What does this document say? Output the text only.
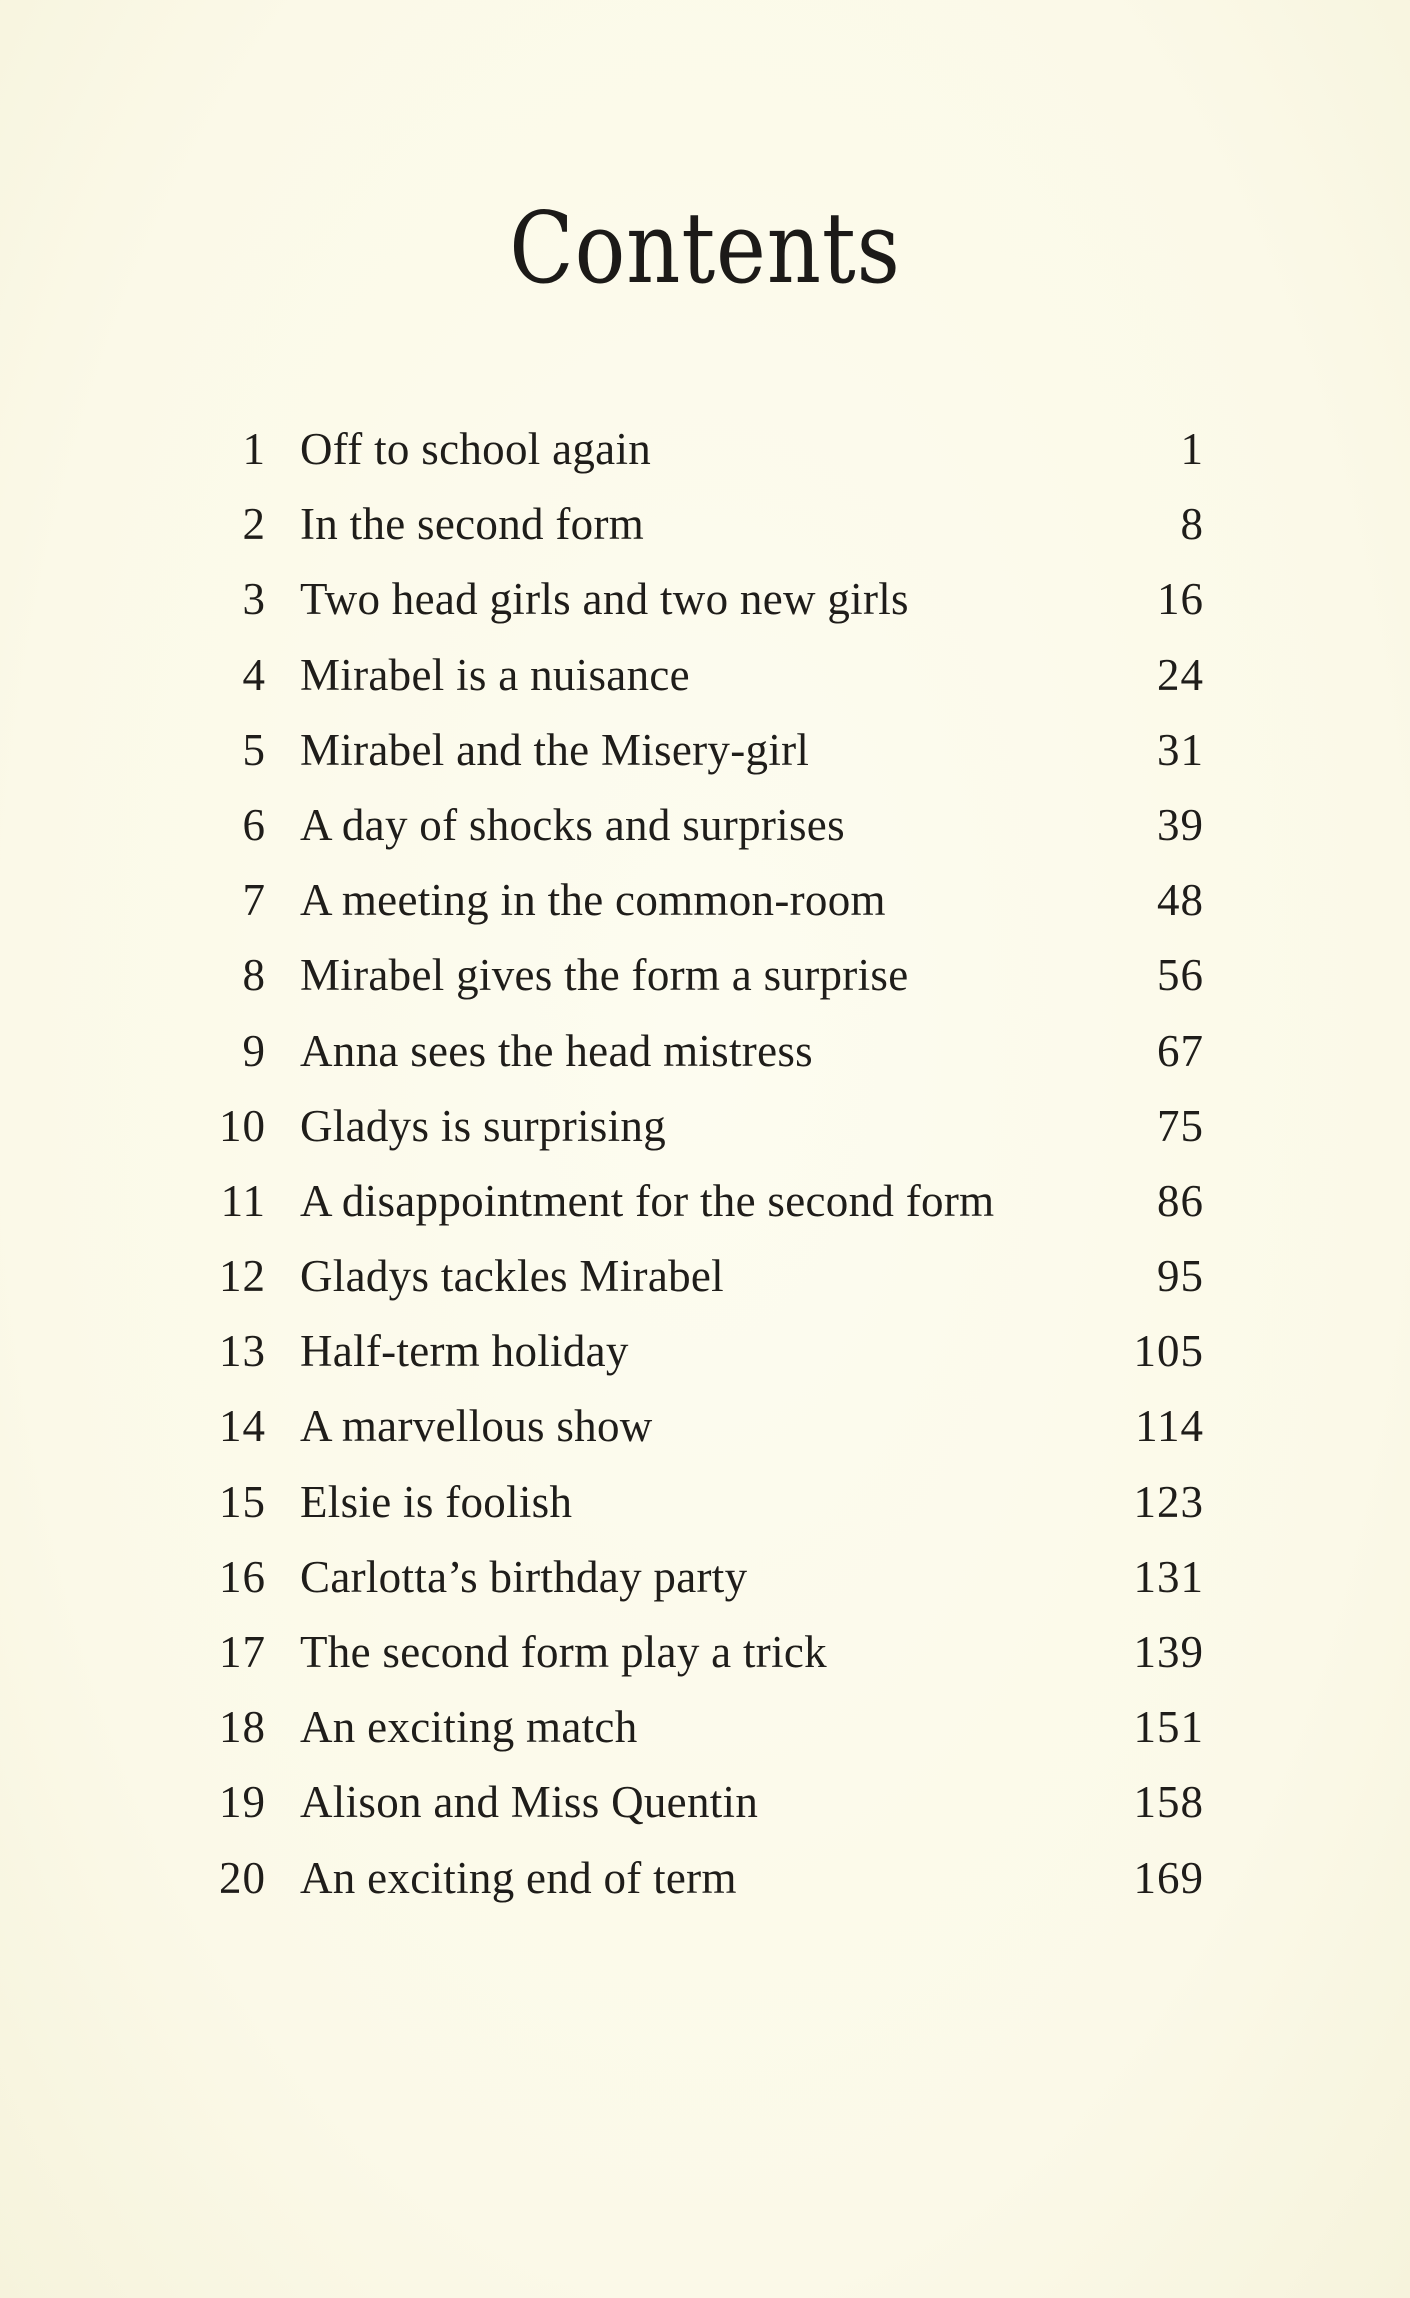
Contents
1 Off to school again	1
2 In the second form	8
3 Two head girls and two new girls	16
4 Mirabel is a nuisance	24
5 Mirabel and the Misery-girl	31
6 A day of shocks and surprises	39
7 A meeting in the common-room	48
8 Mirabel gives the form a surprise	56
9 Anna sees the head mistress	67
10 Gladys is surprising	75
11 A disappointment for the second form	86
12 Gladys tackles Mirabel	95
13 Half-term holiday	105
14 A marvellous show	114
15 Elsie is foolish	123
16 Carlotta’s birthday party	131
17 The second form play a trick	139
18 An exciting match	151
19 Alison and Miss Quentin	158
20 An exciting end of term	169
